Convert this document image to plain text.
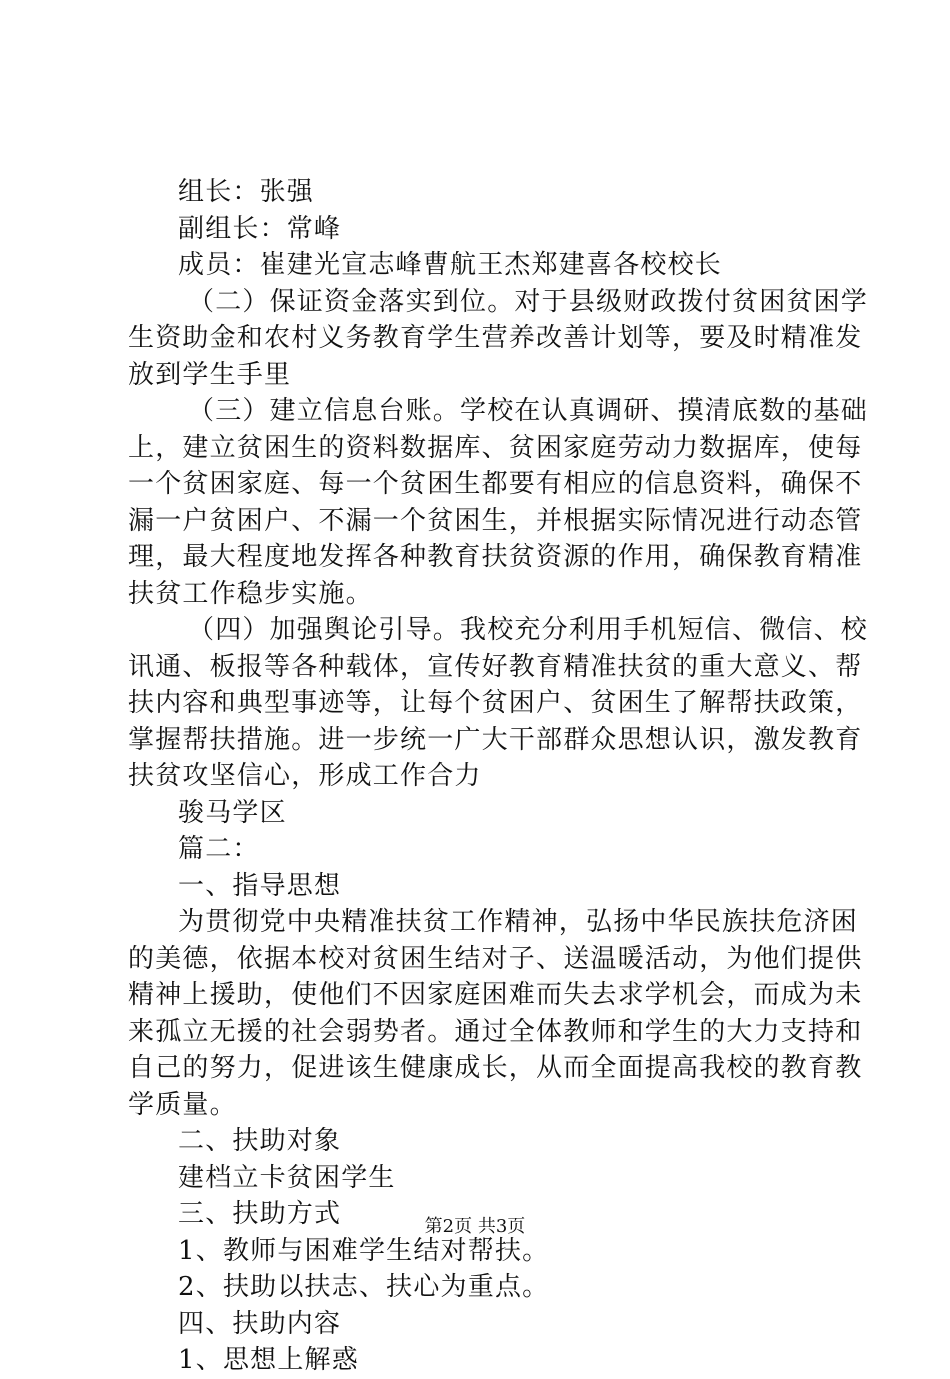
组长：张强
副组长：常峰
成员：崔建光宣志峰曹航王杰郑建喜各校校长
（二）保证资金落实到位。对于县级财政拨付贫困贫困学
生资助金和农村义务教育学生营养改善计划等，要及时精准发
放到学生手里
（三）建立信息台账。学校在认真调研、摸清底数的基础
上，建立贫困生的资料数据库、贫困家庭劳动力数据库，使每
一个贫困家庭、每一个贫困生都要有相应的信息资料，确保不
漏一户贫困户、不漏一个贫困生，并根据实际情况进行动态管
理，最大程度地发挥各种教育扶贫资源的作用，确保教育精准
扶贫工作稳步实施。
（四）加强舆论引导。我校充分利用手机短信、微信、校
讯通、板报等各种载体，宣传好教育精准扶贫的重大意义、帮
扶内容和典型事迹等，让每个贫困户、贫困生了解帮扶政策，
掌握帮扶措施。进一步统一广大干部群众思想认识，激发教育
扶贫攻坚信心，形成工作合力
骏马学区
篇二：
一、指导思想
为贯彻党中央精准扶贫工作精神，弘扬中华民族扶危济困
的美德，依据本校对贫困生结对子、送温暖活动，为他们提供
精神上援助，使他们不因家庭困难而失去求学机会，而成为未
来孤立无援的社会弱势者。通过全体教师和学生的大力支持和
自己的努力，促进该生健康成长，从而全面提高我校的教育教
学质量。
二、扶助对象
建档立卡贫困学生
三、扶助方式
1、教师与困难学生结对帮扶。
2、扶助以扶志、扶心为重点。
四、扶助内容
1、思想上解惑
第2页 共3页
